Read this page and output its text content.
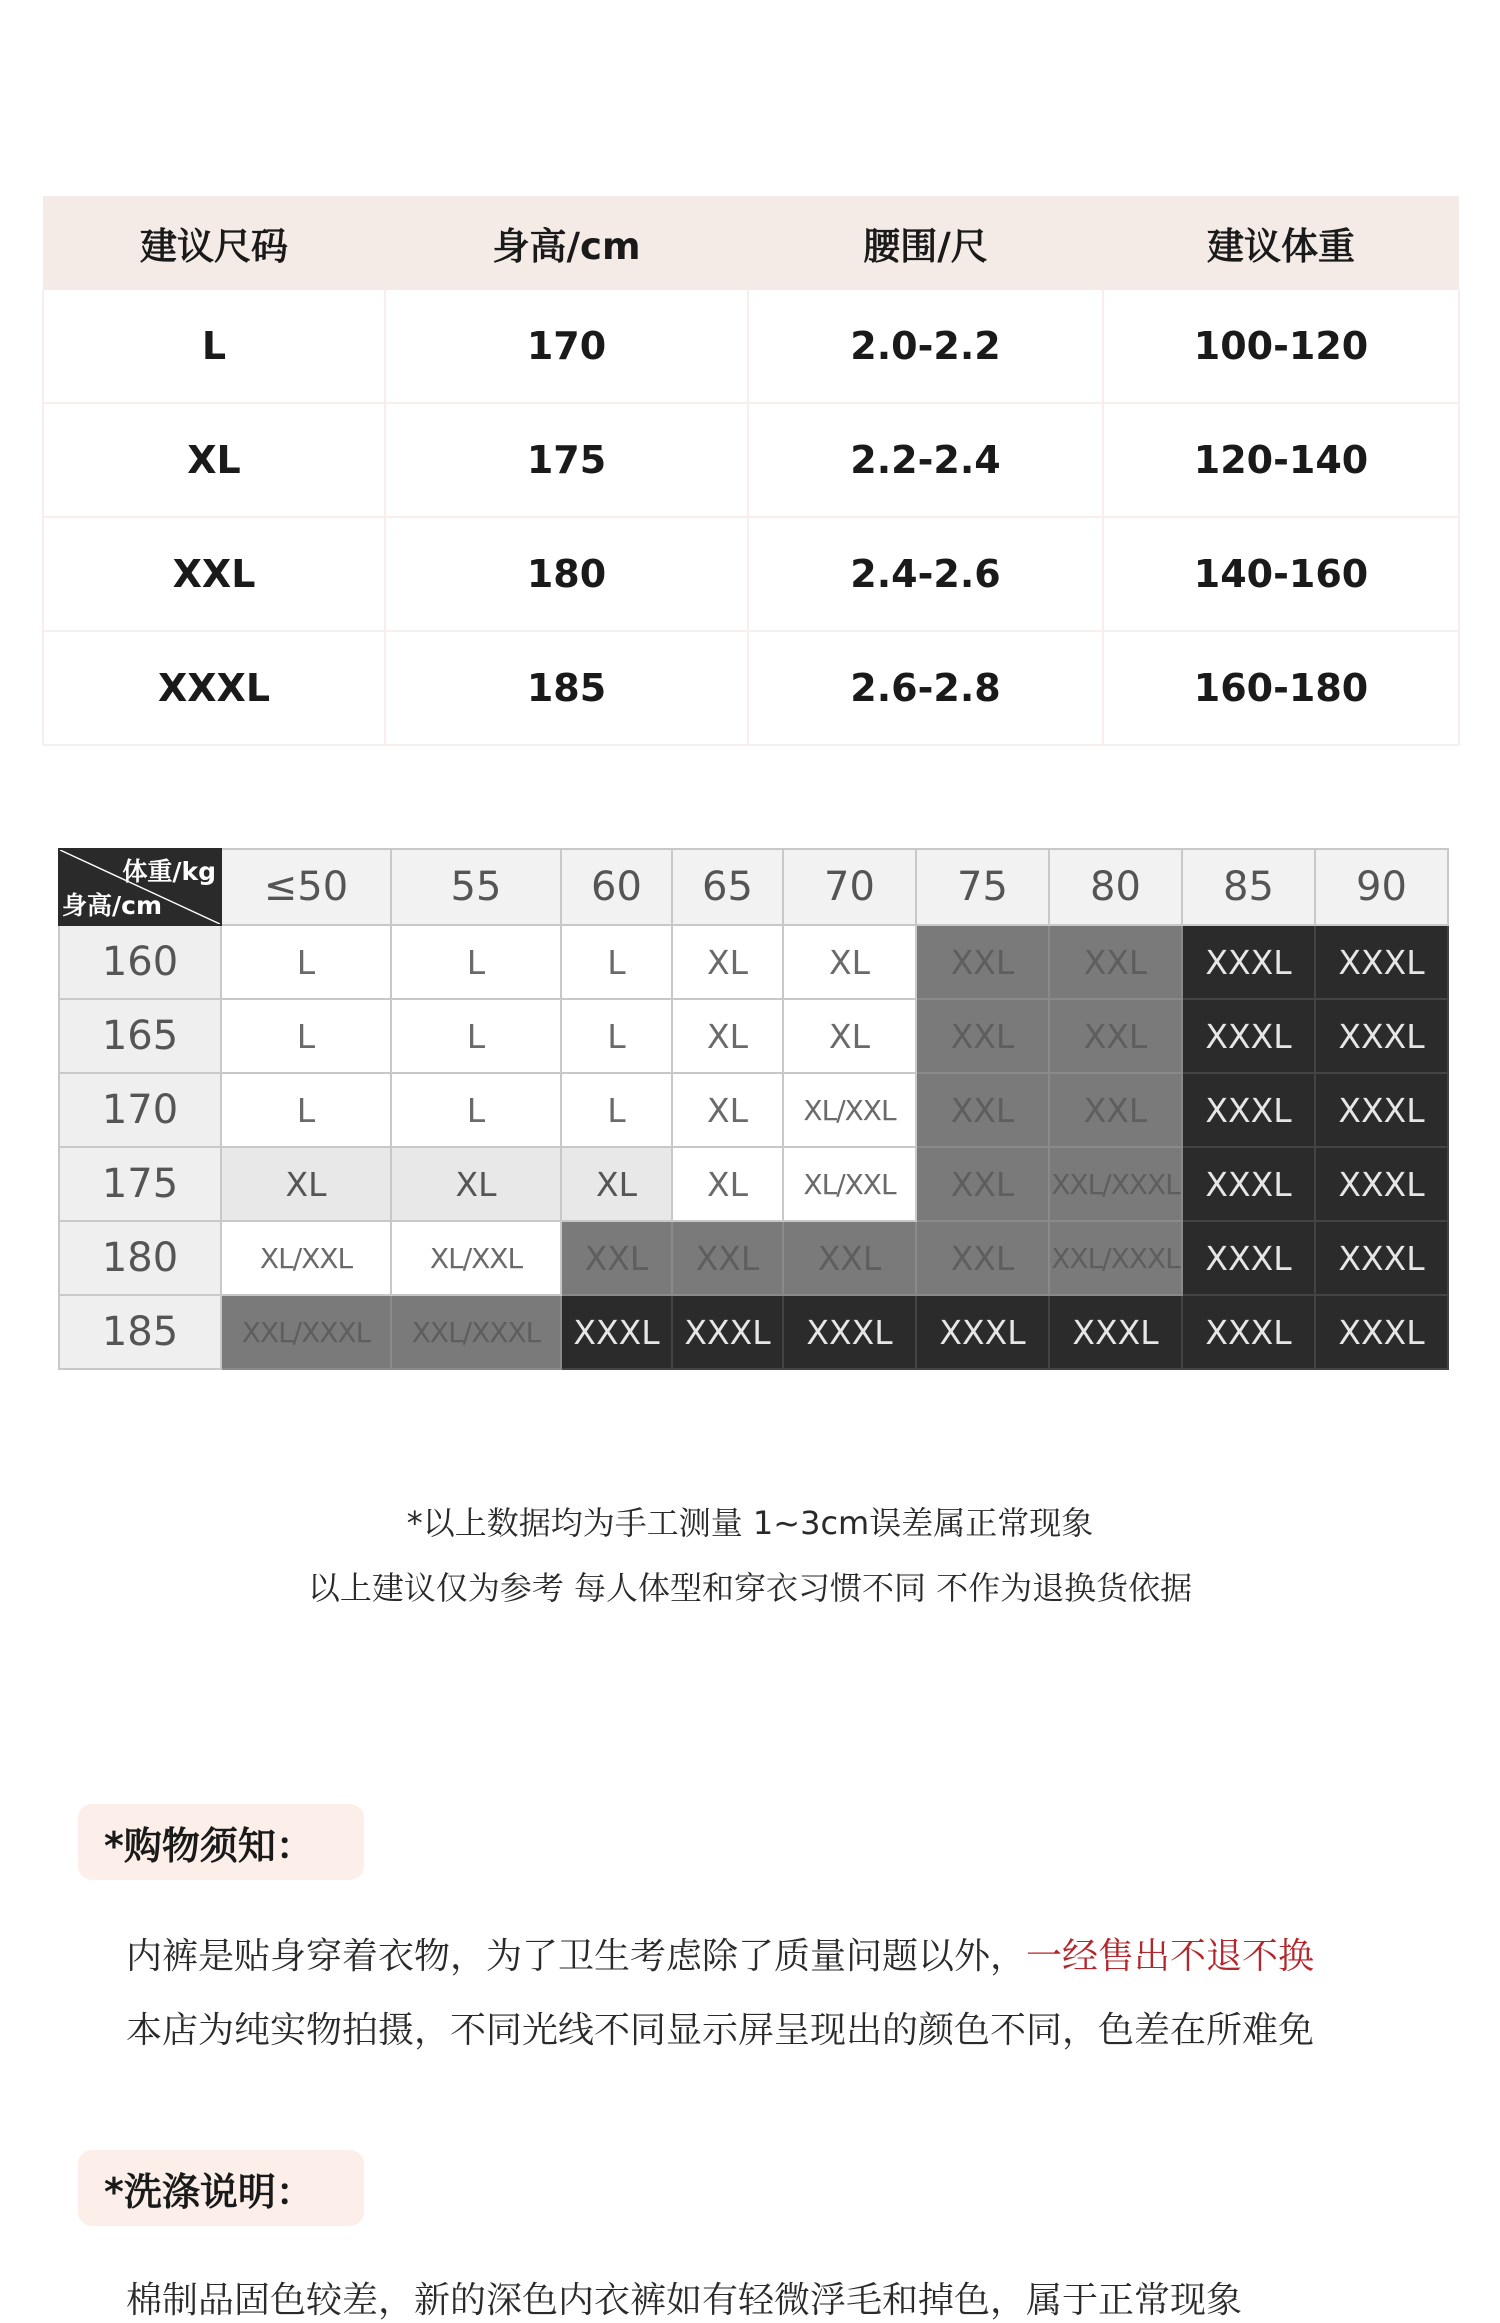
建议尺码	身高/cm	腰围/尺	建议体重
L	170	2.0-2.2	100-120
XL	175	2.2-2.4	120-140
XXL	180	2.4-2.6	140-160
XXXL	185	2.6-2.8	160-180
体重/kg
身高/cm	≤50	55	60	65	70	75	80	85	90
160	L	L	L	XL	XL	XXL	XXL	XXXL	XXXL
165	L	L	L	XL	XL	XXL	XXL	XXXL	XXXL
170	L	L	L	XL	XL/XXL	XXL	XXL	XXXL	XXXL
175	XL	XL	XL	XL	XL/XXL	XXL	XXL/XXXL	XXXL	XXXL
180	XL/XXL	XL/XXL	XXL	XXL	XXL	XXL	XXL/XXXL	XXXL	XXXL
185	XXL/XXXL	XXL/XXXL	XXXL	XXXL	XXXL	XXXL	XXXL	XXXL	XXXL
*以上数据均为手工测量 1~3cm误差属正常现象
以上建议仅为参考 每人体型和穿衣习惯不同 不作为退换货依据
*购物须知：
内裤是贴身穿着衣物，为了卫生考虑除了质量问题以外，一经售出不退不换
本店为纯实物拍摄，不同光线不同显示屏呈现出的颜色不同，色差在所难免
*洗涤说明：
棉制品固色较差，新的深色内衣裤如有轻微浮毛和掉色，属于正常现象
